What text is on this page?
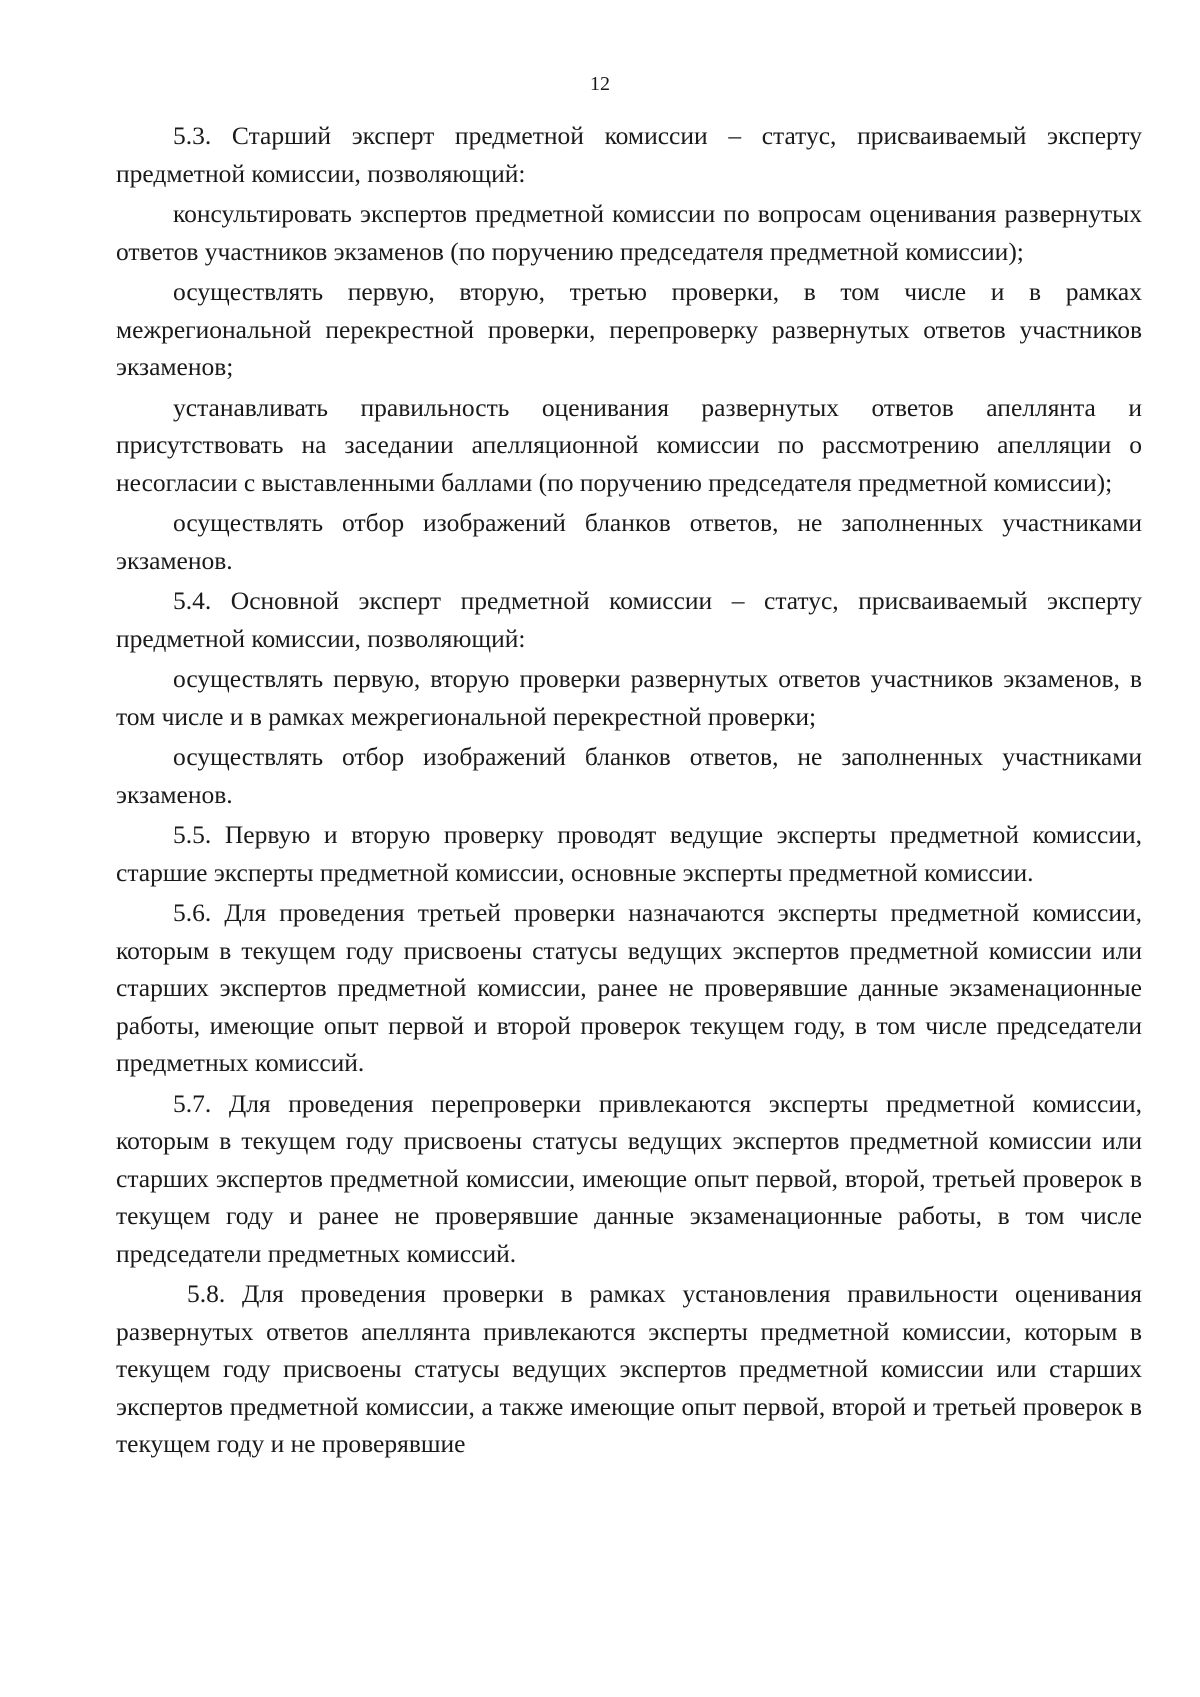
12

5.3. Старший эксперт предметной комиссии – статус, присваиваемый эксперту предметной комиссии, позволяющий:

консультировать экспертов предметной комиссии по вопросам оценивания развернутых ответов участников экзаменов (по поручению председателя предметной комиссии);

осуществлять первую, вторую, третью проверки, в том числе и в рамках межрегиональной перекрестной проверки, перепроверку развернутых ответов участников экзаменов;

устанавливать правильность оценивания развернутых ответов апеллянта и присутствовать на заседании апелляционной комиссии по рассмотрению апелляции о несогласии с выставленными баллами (по поручению председателя предметной комиссии);

осуществлять отбор изображений бланков ответов, не заполненных участниками экзаменов.

5.4. Основной эксперт предметной комиссии – статус, присваиваемый эксперту предметной комиссии, позволяющий:

осуществлять первую, вторую проверки развернутых ответов участников экзаменов, в том числе и в рамках межрегиональной перекрестной проверки;

осуществлять отбор изображений бланков ответов, не заполненных участниками экзаменов.

5.5. Первую и вторую проверку проводят ведущие эксперты предметной комиссии, старшие эксперты предметной комиссии, основные эксперты предметной комиссии.

5.6. Для проведения третьей проверки назначаются эксперты предметной комиссии, которым в текущем году присвоены статусы ведущих экспертов предметной комиссии или старших экспертов предметной комиссии, ранее не проверявшие данные экзаменационные работы, имеющие опыт первой и второй проверок текущем году, в том числе председатели предметных комиссий.

5.7. Для проведения перепроверки привлекаются эксперты предметной комиссии, которым в текущем году присвоены статусы ведущих экспертов предметной комиссии или старших экспертов предметной комиссии, имеющие опыт первой, второй, третьей проверок в текущем году и ранее не проверявшие данные экзаменационные работы, в том числе председатели предметных комиссий.

5.8. Для проведения проверки в рамках установления правильности оценивания развернутых ответов апеллянта привлекаются эксперты предметной комиссии, которым в текущем году присвоены статусы ведущих экспертов предметной комиссии или старших экспертов предметной комиссии, а также имеющие опыт первой, второй и третьей проверок в текущем году и не проверявшие
